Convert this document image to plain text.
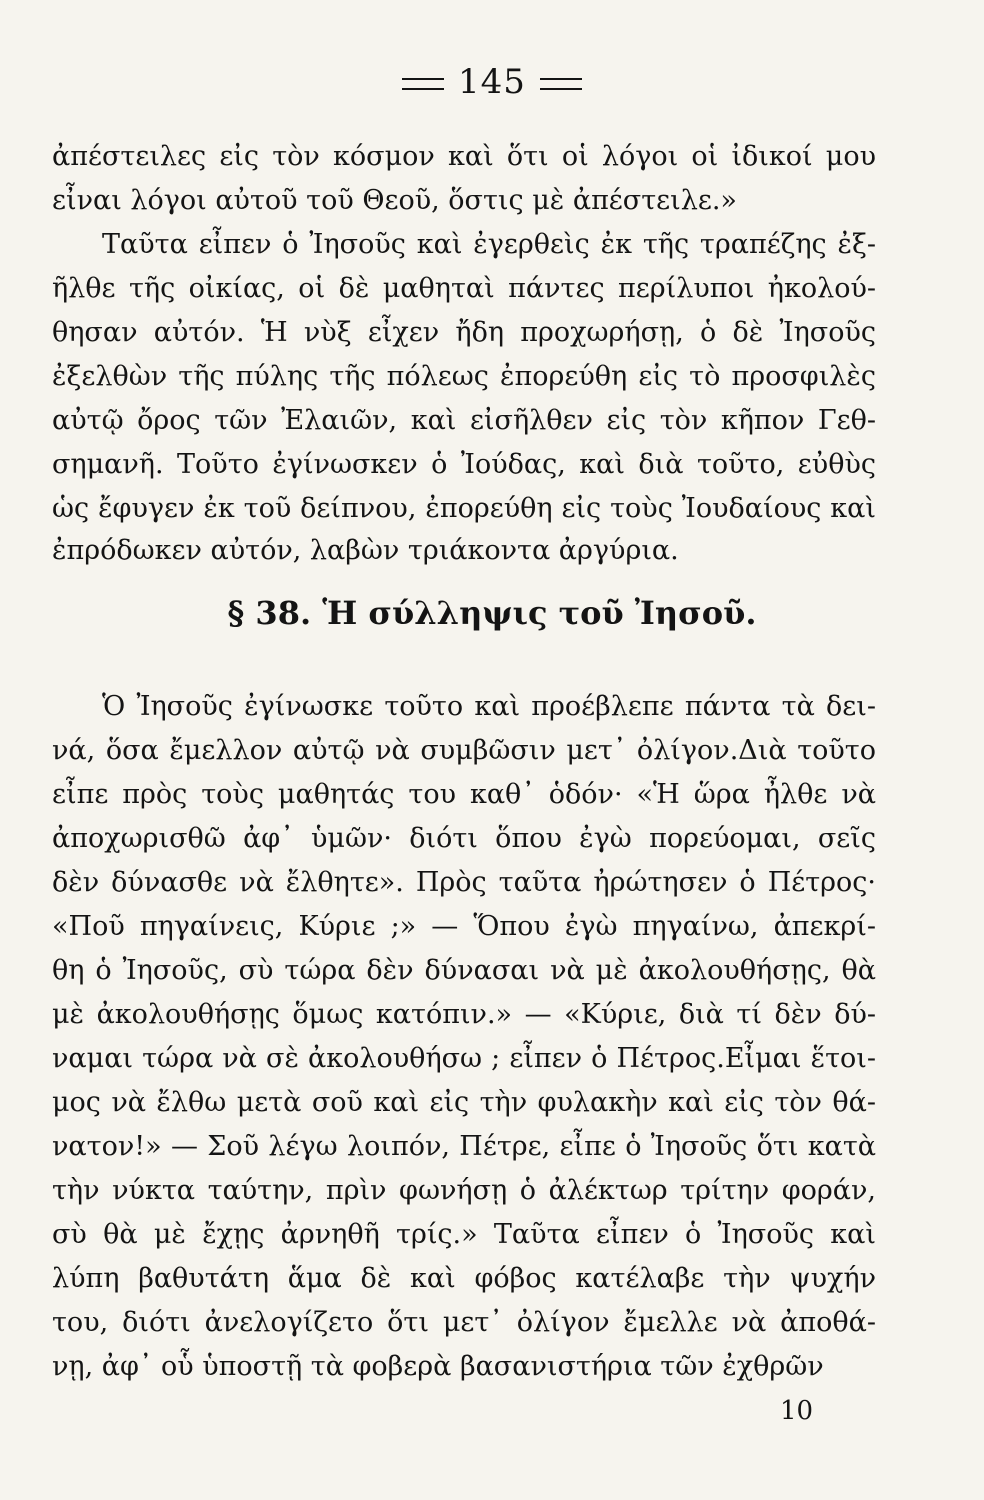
145
ἀπέστειλες εἰς τὸν κόσμον καὶ ὅτι οἱ λόγοι οἱ ἰδικοί μου
εἶναι λόγοι αὐτοῦ τοῦ Θεοῦ, ὅστις μὲ ἀπέστειλε.»
Ταῦτα εἶπεν ὁ Ἰησοῦς καὶ ἐγερθεὶς ἐκ τῆς τραπέζης ἐξ-
ῆλθε τῆς οἰκίας, οἱ δὲ μαθηταὶ πάντες περίλυποι ἠκολού-
θησαν αὐτόν. Ἡ νὺξ εἶχεν ἤδη προχωρήσῃ, ὁ δὲ Ἰησοῦς
ἐξελθὼν τῆς πύλης τῆς πόλεως ἐπορεύθη εἰς τὸ προσφιλὲς
αὐτῷ ὄρος τῶν Ἐλαιῶν, καὶ εἰσῆλθεν εἰς τὸν κῆπον Γεθ-
σημανῆ. Τοῦτο ἐγίνωσκεν ὁ Ἰούδας, καὶ διὰ τοῦτο, εὐθὺς
ὡς ἔφυγεν ἐκ τοῦ δείπνου, ἐπορεύθη εἰς τοὺς Ἰουδαίους καὶ
ἐπρόδωκεν αὐτόν, λαβὼν τριάκοντα ἀργύρια.
§ 38. Ἡ σύλληψις τοῦ Ἰησοῦ.
Ὁ Ἰησοῦς ἐγίνωσκε τοῦτο καὶ προέβλεπε πάντα τὰ δει-
νά, ὅσα ἔμελλον αὐτῷ νὰ συμβῶσιν μετ᾽ ὀλίγον.Διὰ τοῦτο
εἶπε πρὸς τοὺς μαθητάς του καθ᾽ ὁδόν· «Ἡ ὥρα ἦλθε νὰ
ἀποχωρισθῶ ἀφ᾽ ὑμῶν· διότι ὅπου ἐγὼ πορεύομαι, σεῖς
δὲν δύνασθε νὰ ἔλθητε». Πρὸς ταῦτα ἠρώτησεν ὁ Πέτρος·
«Ποῦ πηγαίνεις, Κύριε ;» — Ὅπου ἐγὼ πηγαίνω, ἀπεκρί-
θη ὁ Ἰησοῦς, σὺ τώρα δὲν δύνασαι νὰ μὲ ἀκολουθήσῃς, θὰ
μὲ ἀκολουθήσῃς ὅμως κατόπιν.» — «Κύριε, διὰ τί δὲν δύ-
ναμαι τώρα νὰ σὲ ἀκολουθήσω ; εἶπεν ὁ Πέτρος.Εἶμαι ἕτοι-
μος νὰ ἔλθω μετὰ σοῦ καὶ εἰς τὴν φυλακὴν καὶ εἰς τὸν θά-
νατον!» — Σοῦ λέγω λοιπόν, Πέτρε, εἶπε ὁ Ἰησοῦς ὅτι κατὰ
τὴν νύκτα ταύτην, πρὶν φωνήσῃ ὁ ἀλέκτωρ τρίτην φοράν,
σὺ θὰ μὲ ἔχῃς ἀρνηθῆ τρίς.» Ταῦτα εἶπεν ὁ Ἰησοῦς καὶ
λύπη βαθυτάτη ἅμα δὲ καὶ φόβος κατέλαβε τὴν ψυχήν
του, διότι ἀνελογίζετο ὅτι μετ᾽ ὀλίγον ἔμελλε νὰ ἀποθά-
νῃ, ἀφ᾽ οὗ ὑποστῇ τὰ φοβερὰ βασανιστήρια τῶν ἐχθρῶν
10
